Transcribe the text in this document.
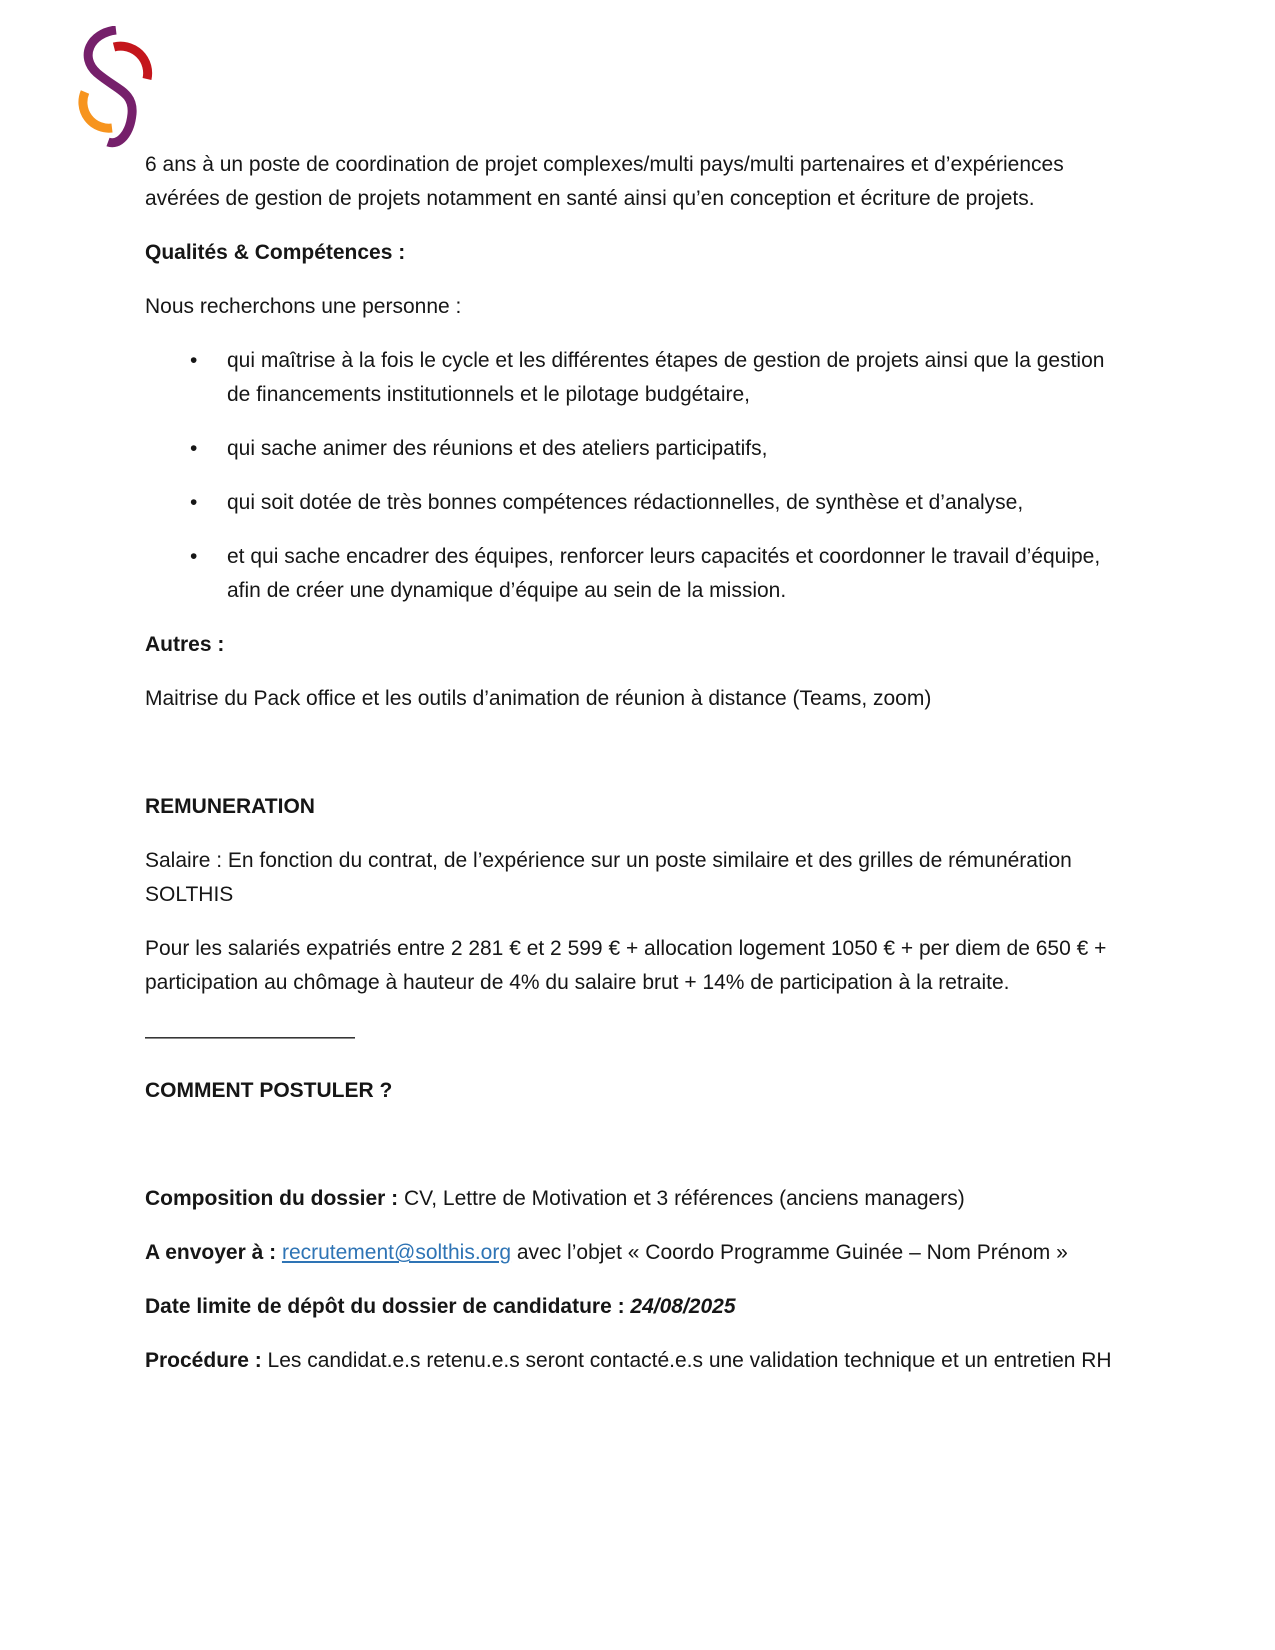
6 ans à un poste de coordination de projet complexes/multi pays/multi partenaires et d’expériences avérées de gestion de projets notamment en santé ainsi qu’en conception et écriture de projets.

Qualités & Compétences :

Nous recherchons une personne :

• qui maîtrise à la fois le cycle et les différentes étapes de gestion de projets ainsi que la gestion de financements institutionnels et le pilotage budgétaire,
• qui sache animer des réunions et des ateliers participatifs,
• qui soit dotée de très bonnes compétences rédactionnelles, de synthèse et d’analyse,
• et qui sache encadrer des équipes, renforcer leurs capacités et coordonner le travail d’équipe, afin de créer une dynamique d’équipe au sein de la mission.

Autres :

Maitrise du Pack office et les outils d’animation de réunion à distance (Teams, zoom)

REMUNERATION

Salaire : En fonction du contrat, de l’expérience sur un poste similaire et des grilles de rémunération SOLTHIS

Pour les salariés expatriés entre 2 281 € et 2 599 € + allocation logement 1050 € + per diem de 650 € + participation au chômage à hauteur de 4% du salaire brut + 14% de participation à la retraite.

——————————

COMMENT POSTULER ?

Composition du dossier : CV, Lettre de Motivation et 3 références (anciens managers)

A envoyer à : recrutement@solthis.org avec l’objet « Coordo Programme Guinée – Nom Prénom »

Date limite de dépôt du dossier de candidature : 24/08/2025

Procédure : Les candidat.e.s retenu.e.s seront contacté.e.s une validation technique et un entretien RH
